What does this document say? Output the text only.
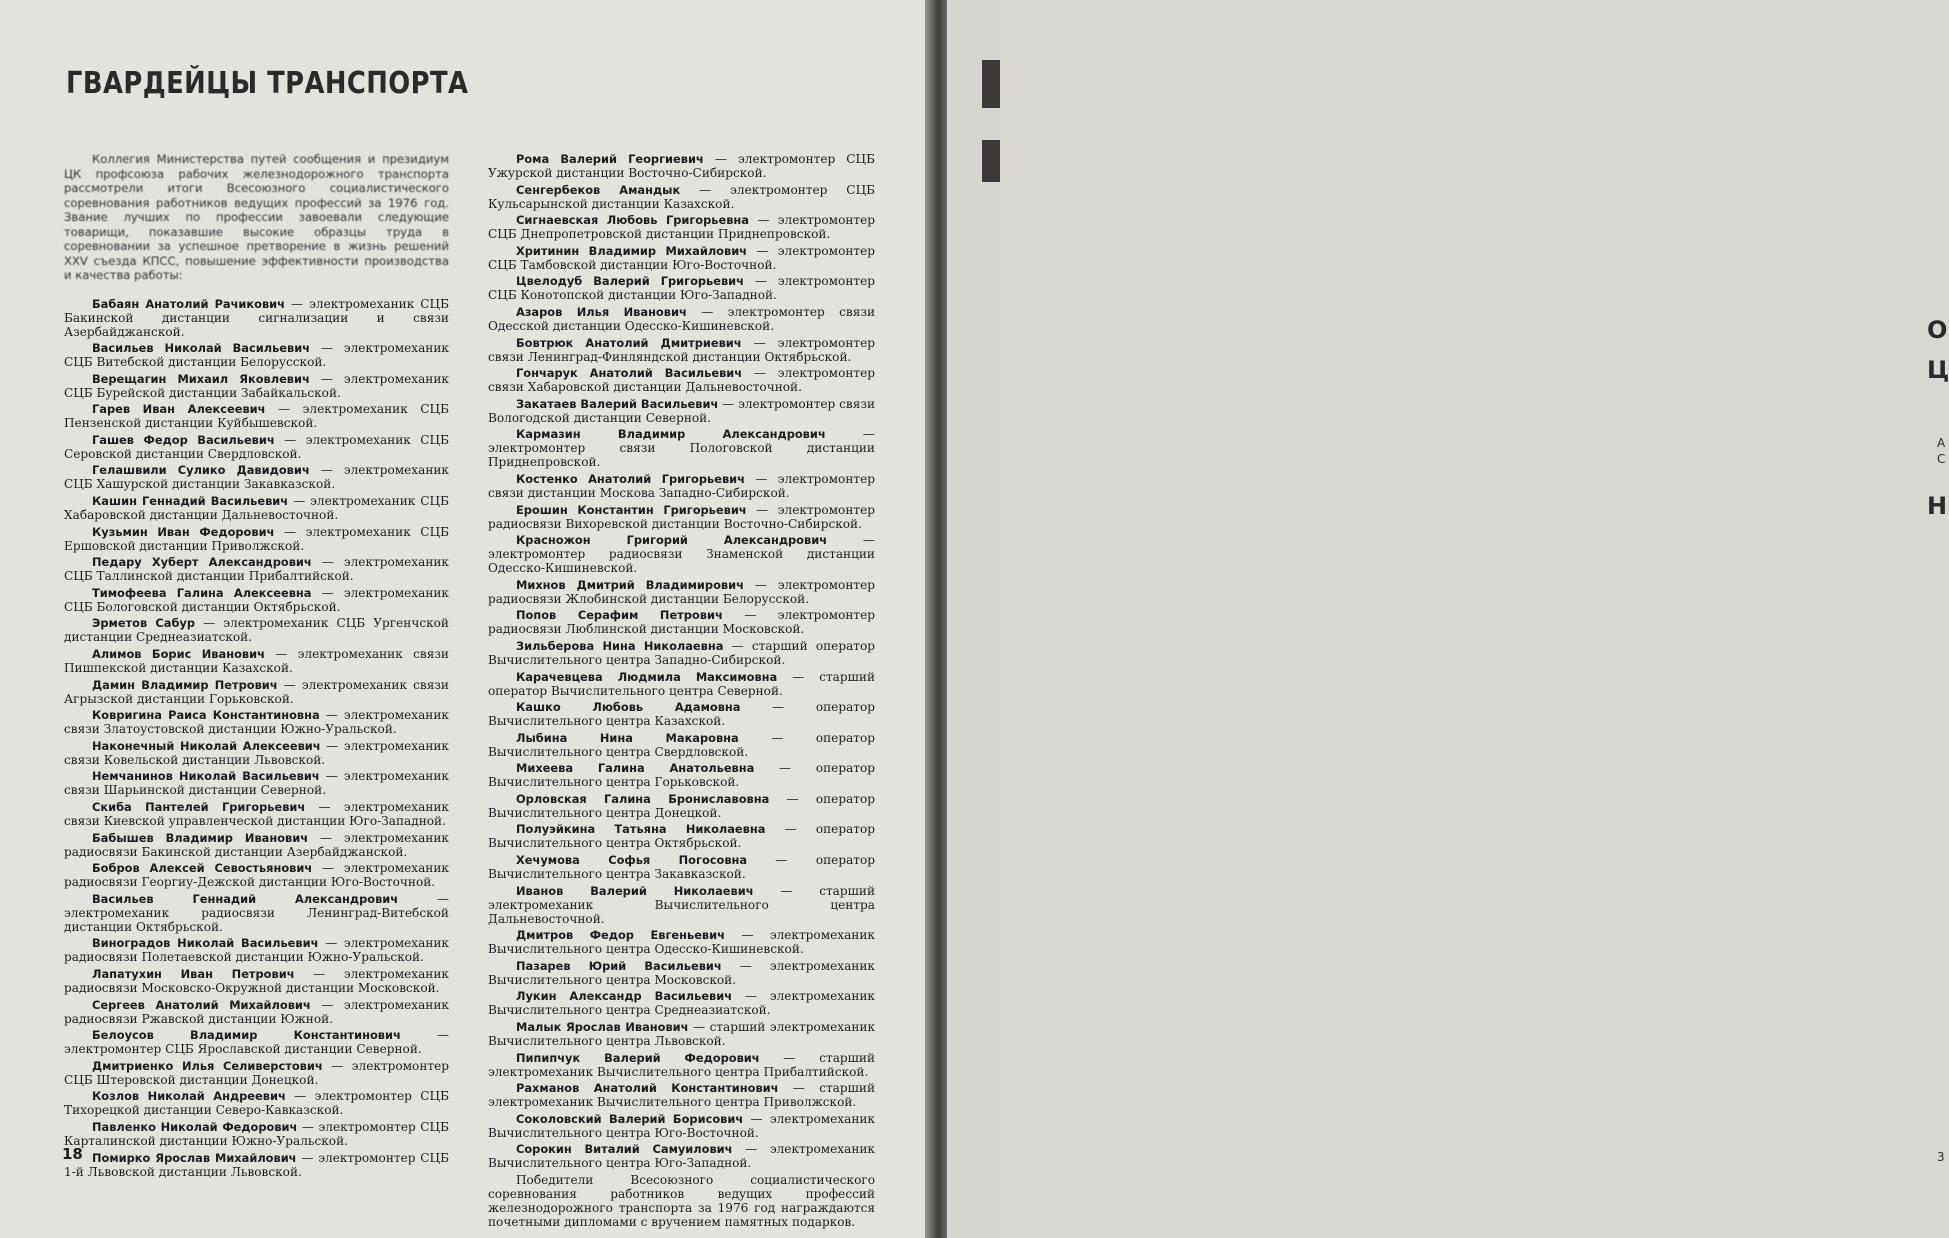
ГВАРДЕЙЦЫ ТРАНСПОРТА

Коллегия Министерства путей сообщения и президиум ЦК профсоюза рабочих железнодорожного транспорта рассмотрели итоги Всесоюзного социалистического соревнования работников ведущих профессий за 1976 год. Звание лучших по профессии завоевали следующие товарищи, показавшие высокие образцы труда в соревновании за успешное претворение в жизнь решений XXV съезда КПСС, повышение эффективности производства и качества работы:

Бабаян Анатолий Рачикович — электромеханик СЦБ Бакинской дистанции сигнализации и связи Азербайджанской.

Васильев Николай Васильевич — электромеханик СЦБ Витебской дистанции Белорусской.

Верещагин Михаил Яковлевич — электромеханик СЦБ Бурейской дистанции Забайкальской.

Гарев Иван Алексеевич — электромеханик СЦБ Пензенской дистанции Куйбышевской.

Гашев Федор Васильевич — электромеханик СЦБ Серовской дистанции Свердловской.

Гелашвили Сулико Давидович — электромеханик СЦБ Хашурской дистанции Закавказской.

Кашин Геннадий Васильевич — электромеханик СЦБ Хабаровской дистанции Дальневосточной.

Кузьмин Иван Федорович — электромеханик СЦБ Ершовской дистанции Приволжской.

Педару Хуберт Александрович — электромеханик СЦБ Таллинской дистанции Прибалтийской.

Тимофеева Галина Алексеевна — электромеханик СЦБ Бологовской дистанции Октябрьской.

Эрметов Сабур — электромеханик СЦБ Ургенчской дистанции Среднеазиатской.

Алимов Борис Иванович — электромеханик связи Пишпекской дистанции Казахской.

Дамин Владимир Петрович — электромеханик связи Агрызской дистанции Горьковской.

Ковригина Раиса Константиновна — электромеханик связи Златоустовской дистанции Южно-Уральской.

Наконечный Николай Алексеевич — электромеханик связи Ковельской дистанции Львовской.

Немчанинов Николай Васильевич — электромеханик связи Шарьинской дистанции Северной.

Скиба Пантелей Григорьевич — электромеханик связи Киевской управленческой дистанции Юго-Западной.

Бабышев Владимир Иванович — электромеханик радиосвязи Бакинской дистанции Азербайджанской.

Бобров Алексей Севостьянович — электромеханик радиосвязи Георгиу-Дежской дистанции Юго-Восточной.

Васильев Геннадий Александрович — электромеханик радиосвязи Ленинград-Витебской дистанции Октябрьской.

Виноградов Николай Васильевич — электромеханик радиосвязи Полетаевской дистанции Южно-Уральской.

Лапатухин Иван Петрович — электромеханик радиосвязи Московско-Окружной дистанции Московской.

Сергеев Анатолий Михайлович — электромеханик радиосвязи Ржавской дистанции Южной.

Белоусов Владимир Константинович — электромонтер СЦБ Ярославской дистанции Северной.

Дмитриенко Илья Селиверстович — электромонтер СЦБ Штеровской дистанции Донецкой.

Козлов Николай Андреевич — электромонтер СЦБ Тихорецкой дистанции Северо-Кавказской.

Павленко Николай Федорович — электромонтер СЦБ Карталинской дистанции Южно-Уральской.

Помирко Ярослав Михайлович — электромонтер СЦБ 1-й Львовской дистанции Львовской.

Рома Валерий Георгиевич — электромонтер СЦБ Ужурской дистанции Восточно-Сибирской.

Сенгербеков Амандык — электромонтер СЦБ Кульсарынской дистанции Казахской.

Сигнаевская Любовь Григорьевна — электромонтер СЦБ Днепропетровской дистанции Приднепровской.

Хритинин Владимир Михайлович — электромонтер СЦБ Тамбовской дистанции Юго-Восточной.

Цвелодуб Валерий Григорьевич — электромонтер СЦБ Конотопской дистанции Юго-Западной.

Азаров Илья Иванович — электромонтер связи Одесской дистанции Одесско-Кишиневской.

Бовтрюк Анатолий Дмитриевич — электромонтер связи Ленинград-Финляндской дистанции Октябрьской.

Гончарук Анатолий Васильевич — электромонтер связи Хабаровской дистанции Дальневосточной.

Закатаев Валерий Васильевич — электромонтер связи Вологодской дистанции Северной.

Кармазин Владимир Александрович — электромонтер связи Пологовской дистанции Приднепровской.

Костенко Анатолий Григорьевич — электромонтер связи дистанции Москова Западно-Сибирской.

Ерошин Константин Григорьевич — электромонтер радиосвязи Вихоревской дистанции Восточно-Сибирской.

Красножон Григорий Александрович — электромонтер радиосвязи Знаменской дистанции Одесско-Кишиневской.

Михнов Дмитрий Владимирович — электромонтер радиосвязи Жлобинской дистанции Белорусской.

Попов Серафим Петрович — электромонтер радиосвязи Люблинской дистанции Московской.

Зильберова Нина Николаевна — старший оператор Вычислительного центра Западно-Сибирской.

Карачевцева Людмила Максимовна — старший оператор Вычислительного центра Северной.

Кашко Любовь Адамовна — оператор Вычислительного центра Казахской.

Лыбина Нина Макаровна — оператор Вычислительного центра Свердловской.

Михеева Галина Анатольевна — оператор Вычислительного центра Горьковской.

Орловская Галина Брониславовна — оператор Вычислительного центра Донецкой.

Полуэйкина Татьяна Николаевна — оператор Вычислительного центра Октябрьской.

Хечумова Софья Погосовна — оператор Вычислительного центра Закавказской.

Иванов Валерий Николаевич — старший электромеханик Вычислительного центра Дальневосточной.

Дмитров Федор Евгеньевич — электромеханик Вычислительного центра Одесско-Кишиневской.

Пазарев Юрий Васильевич — электромеханик Вычислительного центра Московской.

Лукин Александр Васильевич — электромеханик Вычислительного центра Среднеазиатской.

Малык Ярослав Иванович — старший электромеханик Вычислительного центра Львовской.

Пипипчук Валерий Федорович — старший электромеханик Вычислительного центра Прибалтийской.

Рахманов Анатолий Константинович — старший электромеханик Вычислительного центра Приволжской.

Соколовский Валерий Борисович — электромеханик Вычислительного центра Юго-Восточной.

Сорокин Виталий Самуилович — электромеханик Вычислительного центра Юго-Западной.

Победители Всесоюзного социалистического соревнования работников ведущих профессий железнодорожного транспорта за 1976 год награждаются почетными дипломами с вручением памятных подарков.

18
О
Ц
А
С
Н
3
